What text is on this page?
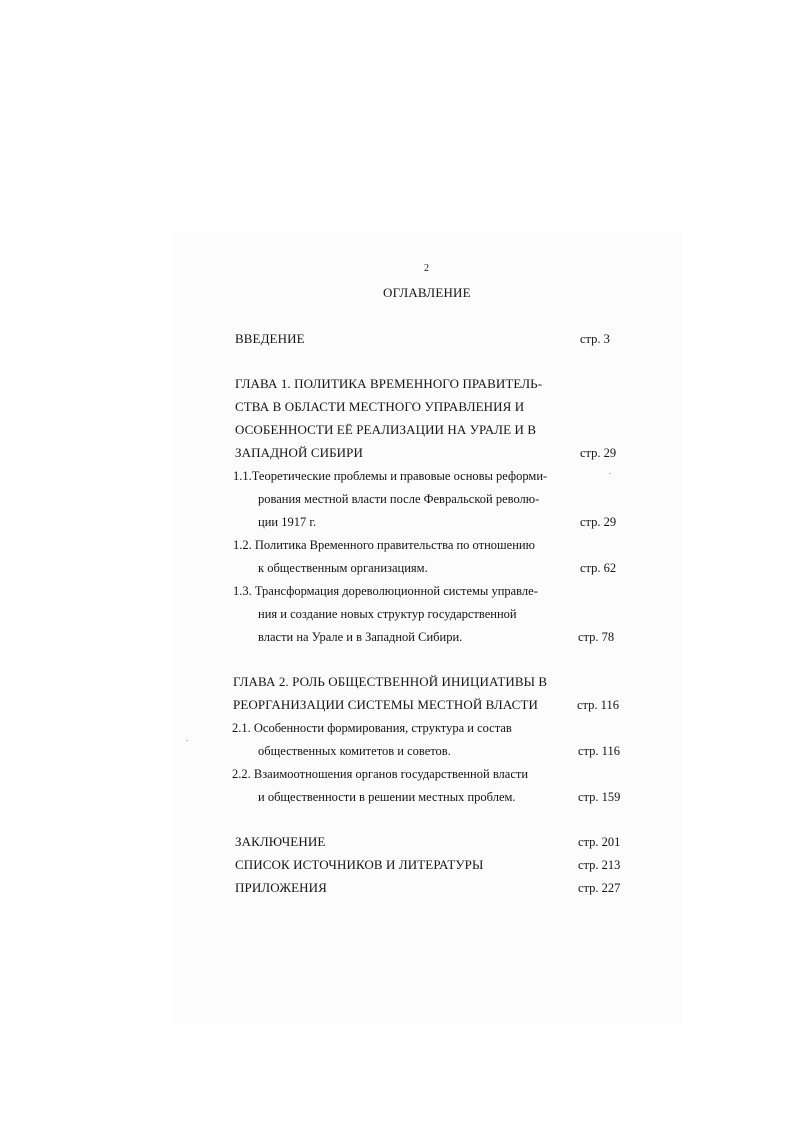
2
ОГЛАВЛЕНИЕ
ВВЕДЕНИЕ	стр. 3
ГЛАВА 1. ПОЛИТИКА ВРЕМЕННОГО ПРАВИТЕЛЬ-
СТВА В ОБЛАСТИ МЕСТНОГО УПРАВЛЕНИЯ И
ОСОБЕННОСТИ ЕЁ РЕАЛИЗАЦИИ НА УРАЛЕ И В
ЗАПАДНОЙ СИБИРИ	стр. 29
1.1.Теоретические проблемы и правовые основы реформи-
рования местной власти после Февральской револю-
ции 1917 г.	стр. 29
1.2. Политика Временного правительства по отношению
к общественным организациям.	стр. 62
1.3. Трансформация дореволюционной системы управле-
ния и создание новых структур государственной
власти на Урале и в Западной Сибири.	стр. 78
ГЛАВА 2. РОЛЬ ОБЩЕСТВЕННОЙ ИНИЦИАТИВЫ В
РЕОРГАНИЗАЦИИ СИСТЕМЫ МЕСТНОЙ ВЛАСТИ	стр. 116
2.1. Особенности формирования, структура и состав
общественных комитетов и советов.	стр. 116
2.2. Взаимоотношения органов государственной власти
и общественности в решении местных проблем.	стр. 159
ЗАКЛЮЧЕНИЕ	стр. 201
СПИСОК ИСТОЧНИКОВ И ЛИТЕРАТУРЫ	стр. 213
ПРИЛОЖЕНИЯ	стр. 227
